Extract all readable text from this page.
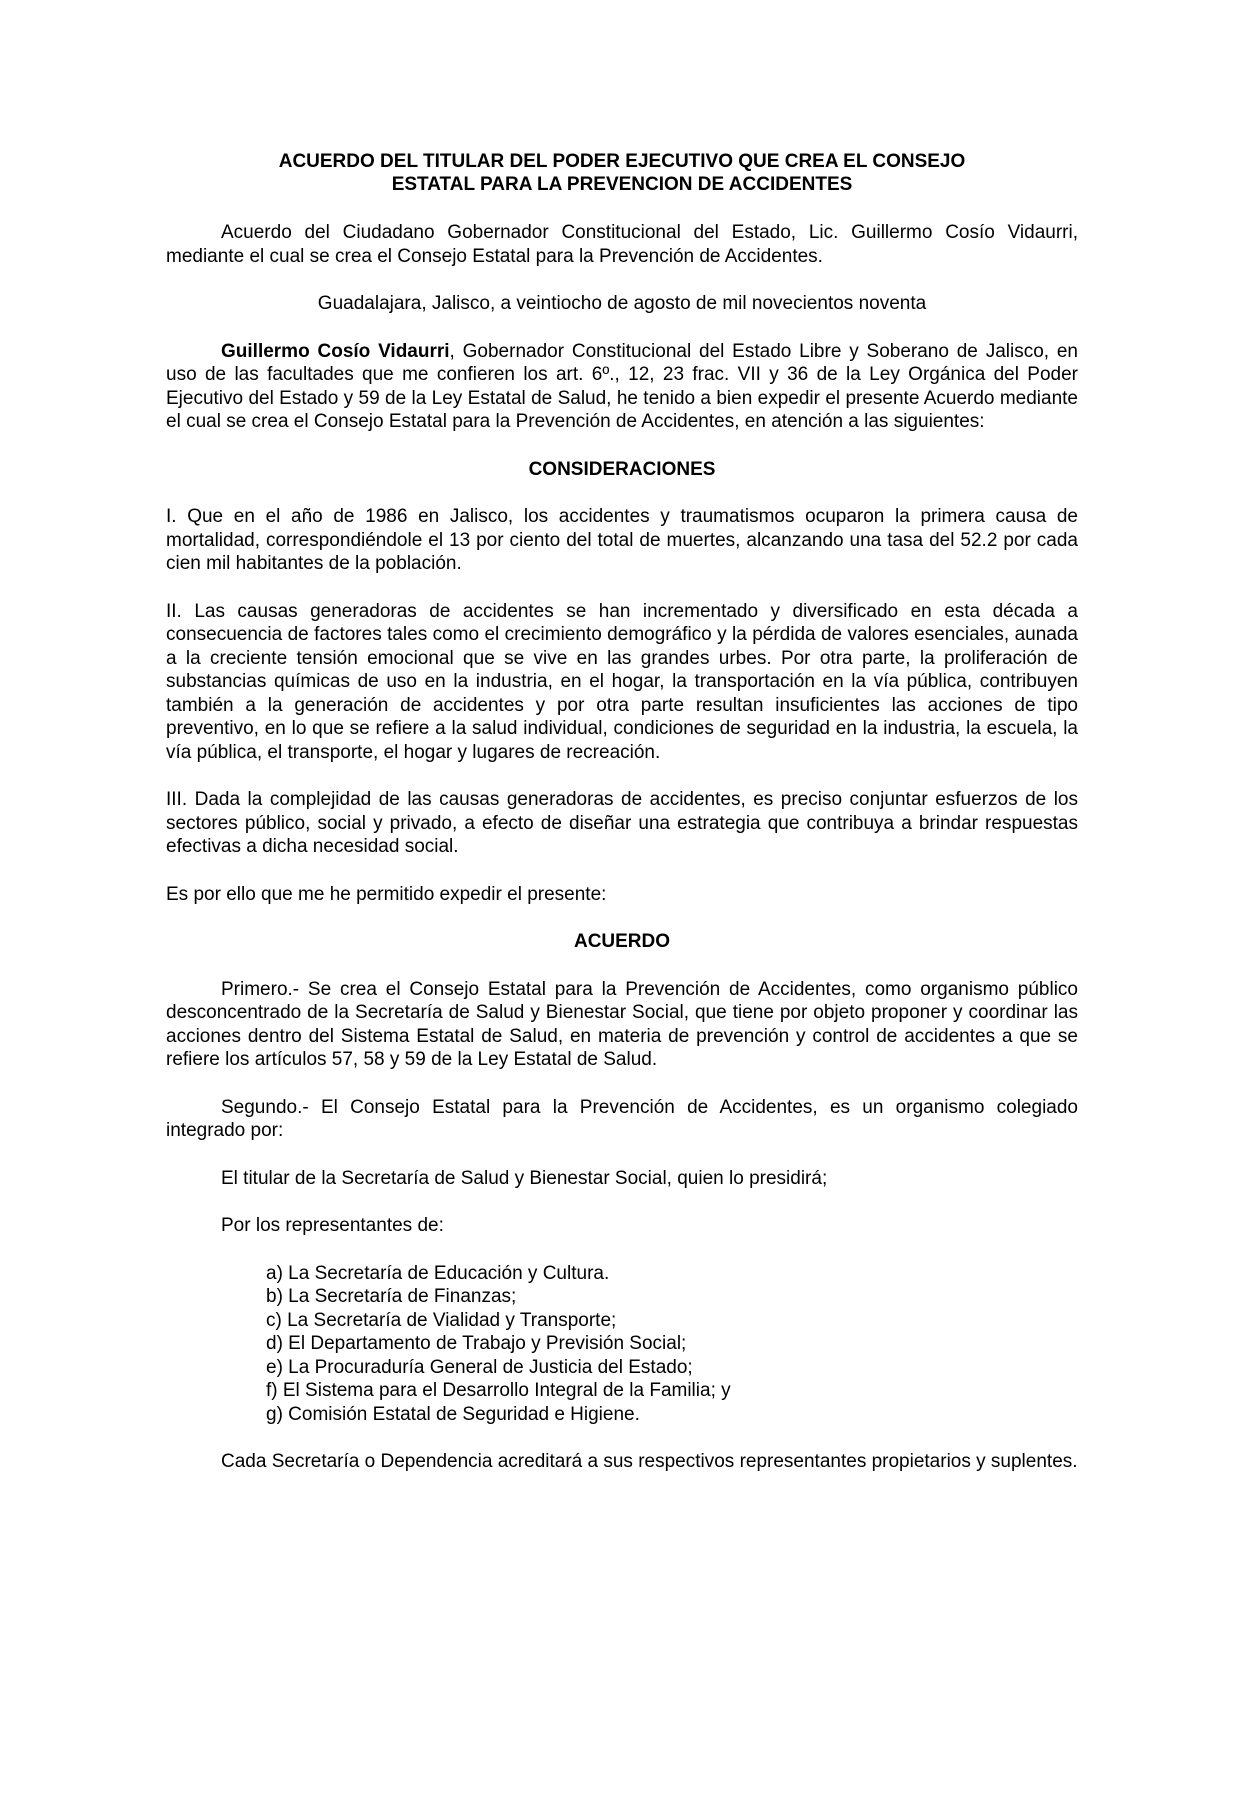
ACUERDO DEL TITULAR DEL PODER EJECUTIVO QUE CREA EL CONSEJO
ESTATAL PARA LA PREVENCION DE ACCIDENTES

Acuerdo del Ciudadano Gobernador Constitucional del Estado, Lic. Guillermo Cosío Vidaurri, mediante el cual se crea el Consejo Estatal para la Prevención de Accidentes.

Guadalajara, Jalisco, a veintiocho de agosto de mil novecientos noventa

Guillermo Cosío Vidaurri, Gobernador Constitucional del Estado Libre y Soberano de Jalisco, en uso de las facultades que me confieren los art. 6º., 12, 23 frac. VII y 36 de la Ley Orgánica del Poder Ejecutivo del Estado y 59 de la Ley Estatal de Salud, he tenido a bien expedir el presente Acuerdo mediante el cual se crea el Consejo Estatal para la Prevención de Accidentes, en atención a las siguientes:

CONSIDERACIONES

I. Que en el año de 1986 en Jalisco, los accidentes y traumatismos ocuparon la primera causa de mortalidad, correspondiéndole el 13 por ciento del total de muertes, alcanzando una tasa del 52.2 por cada cien mil habitantes de la población.

II. Las causas generadoras de accidentes se han incrementado y diversificado en esta década a consecuencia de factores tales como el crecimiento demográfico y la pérdida de valores esenciales, aunada a la creciente tensión emocional que se vive en las grandes urbes. Por otra parte, la proliferación de substancias químicas de uso en la industria, en el hogar, la transportación en la vía pública, contribuyen también a la generación de accidentes y por otra parte resultan insuficientes las acciones de tipo preventivo, en lo que se refiere a la salud individual, condiciones de seguridad en la industria, la escuela, la vía pública, el transporte, el hogar y lugares de recreación.

III. Dada la complejidad de las causas generadoras de accidentes, es preciso conjuntar esfuerzos de los sectores público, social y privado, a efecto de diseñar una estrategia que contribuya a brindar respuestas efectivas a dicha necesidad social.

Es por ello que me he permitido expedir el presente:

ACUERDO

Primero.- Se crea el Consejo Estatal para la Prevención de Accidentes, como organismo público desconcentrado de la Secretaría de Salud y Bienestar Social, que tiene por objeto proponer y coordinar las acciones dentro del Sistema Estatal de Salud, en materia de prevención y control de accidentes a que se refiere los artículos 57, 58 y 59 de la Ley Estatal de Salud.

Segundo.- El Consejo Estatal para la Prevención de Accidentes, es un organismo colegiado integrado por:

El titular de la Secretaría de Salud y Bienestar Social, quien lo presidirá;

Por los representantes de:

a) La Secretaría de Educación y Cultura.
b) La Secretaría de Finanzas;
c) La Secretaría de Vialidad y Transporte;
d) El Departamento de Trabajo y Previsión Social;
e) La Procuraduría General de Justicia del Estado;
f) El Sistema para el Desarrollo Integral de la Familia; y
g) Comisión Estatal de Seguridad e Higiene.

Cada Secretaría o Dependencia acreditará a sus respectivos representantes propietarios y suplentes.
